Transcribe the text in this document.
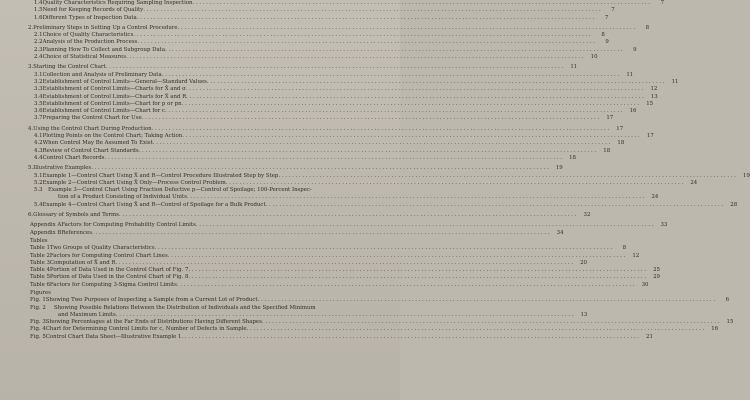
1.4 Quality Characteristics Requiring Sampling Inspection . . .	7
1.5 Need for Keeping Records of Quality . . .	7
1.6 Different Types of Inspection Data . . .	7
2. Preliminary Steps in Setting Up a Control Procedure . . .	8
2.1 Choice of Quality Characteristics . . .	8
2.2 Analysis of the Production Process . . .	9
2.3 Planning How To Collect and Subgroup Data . . .	9
2.4 Choice of Statistical Measures . . .	10
3. Starting the Control Chart . . .	11
3.1 Collection and Analysis of Preliminary Data . . .	11
3.2 Establishment of Control Limits—General—Standard Values . . .	11
3.3 Establishment of Control Limits—Charts for X̄ and σ . . .	12
3.4 Establishment of Control Limits—Charts for X̄ and R . . .	13
3.5 Establishment of Control Limits—Chart for p or pn . . .	15
3.6 Establishment of Control Limits—Chart for c . . .	16
3.7 Preparing the Control Chart for Use . . .	17
4. Using the Control Chart During Production . . .	17
4.1 Plotting Points on the Control Chart; Taking Action . . .	17
4.2 When Control May Be Assumed To Exist . . .	18
4.3 Review of Control Chart Standards . . .	18
4.4 Control Chart Records . . .	18
5. Illustrative Examples . . .	19
5.1 Example 1—Control Chart Using X̄ and R—Control Procedure Illustrated Step by Step . . .	19
5.2 Example 2—Control Chart Using X̄ Only—Process Control Problem . . .	24
5.3	Example 3—Control Chart Using Fraction Defective p—Control of Spoilage; 100-Percent Inspec-
tion of a Product Consisting of Individual Units . . .	24
5.4 Example 4—Control Chart Using X̄ and R—Control of Spoilage for a Bulk Product . . .	28
6. Glossary of Symbols and Terms . . .	32
Appendix A Factors for Computing Probability Control Limits . . .	33
Appendix B References . . .	34
Tables
Table 1 Two Groups of Quality Characteristics . . .	8
Table 2 Factors for Computing Control Chart Lines . . .	12
Table 3 Computation of X̄ and R . . .	20
Table 4 Portion of Data Used in the Control Chart of Fig. 7 . . .	25
Table 5 Portion of Data Used in the Control Chart of Fig. 8 . . .	29
Table 6 Factors for Computing 3-Sigma Control Limits . . .	30
Figures
Fig. 1 Showing Two Purposes of Inspecting a Sample from a Current Lot of Product . . .	6
Fig. 2	Showing Possible Relations Between the Distribution of Individuals and the Specified Minimum
and Maximum Limits . . .	13
Fig. 3 Showing Percentages at the Far Ends of Distributions Having Different Shapes . . .	15
Fig. 4 Chart for Determining Control Limits for c, Number of Defects in Sample . . .	16
Fig. 5 Control Chart Data Sheet—Illustrative Example 1 . . .	21
